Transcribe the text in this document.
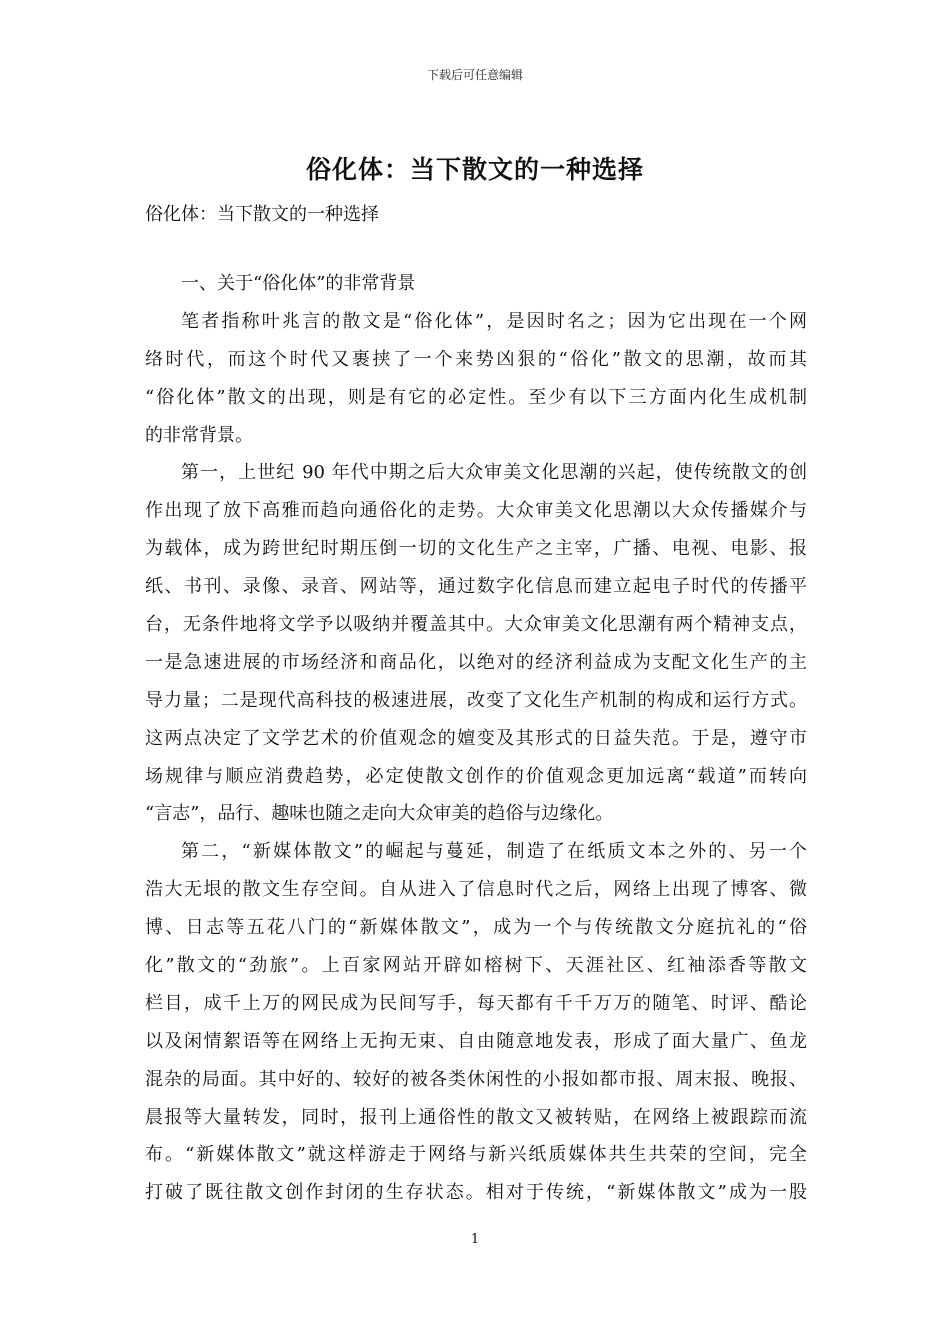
下载后可任意编辑
俗化体：当下散文的一种选择
俗化体：当下散文的一种选择
一、关于“俗化体”的非常背景
笔者指称叶兆言的散文是“俗化体”，是因时名之；因为它出现在一个网
络时代，而这个时代又裹挟了一个来势凶狠的“俗化”散文的思潮，故而其
“俗化体”散文的出现，则是有它的必定性。至少有以下三方面内化生成机制
的非常背景。
第一，上世纪 90 年代中期之后大众审美文化思潮的兴起，使传统散文的创
作出现了放下高雅而趋向通俗化的走势。大众审美文化思潮以大众传播媒介与
为载体，成为跨世纪时期压倒一切的文化生产之主宰，广播、电视、电影、报
纸、书刊、录像、录音、网站等，通过数字化信息而建立起电子时代的传播平
台，无条件地将文学予以吸纳并覆盖其中。大众审美文化思潮有两个精神支点，
一是急速进展的市场经济和商品化，以绝对的经济利益成为支配文化生产的主
导力量；二是现代高科技的极速进展，改变了文化生产机制的构成和运行方式。
这两点决定了文学艺术的价值观念的嬗变及其形式的日益失范。于是，遵守市
场规律与顺应消费趋势，必定使散文创作的价值观念更加远离“载道”而转向
“言志”，品行、趣味也随之走向大众审美的趋俗与边缘化。
第二，“新媒体散文”的崛起与蔓延，制造了在纸质文本之外的、另一个
浩大无垠的散文生存空间。自从进入了信息时代之后，网络上出现了博客、微
博、日志等五花八门的“新媒体散文”，成为一个与传统散文分庭抗礼的“俗
化”散文的“劲旅”。上百家网站开辟如榕树下、天涯社区、红袖添香等散文
栏目，成千上万的网民成为民间写手，每天都有千千万万的随笔、时评、酷论
以及闲情絮语等在网络上无拘无束、自由随意地发表，形成了面大量广、鱼龙
混杂的局面。其中好的、较好的被各类休闲性的小报如都市报、周末报、晚报、
晨报等大量转发，同时，报刊上通俗性的散文又被转贴，在网络上被跟踪而流
布。“新媒体散文”就这样游走于网络与新兴纸质媒体共生共荣的空间，完全
打破了既往散文创作封闭的生存状态。相对于传统，“新媒体散文”成为一股
1
